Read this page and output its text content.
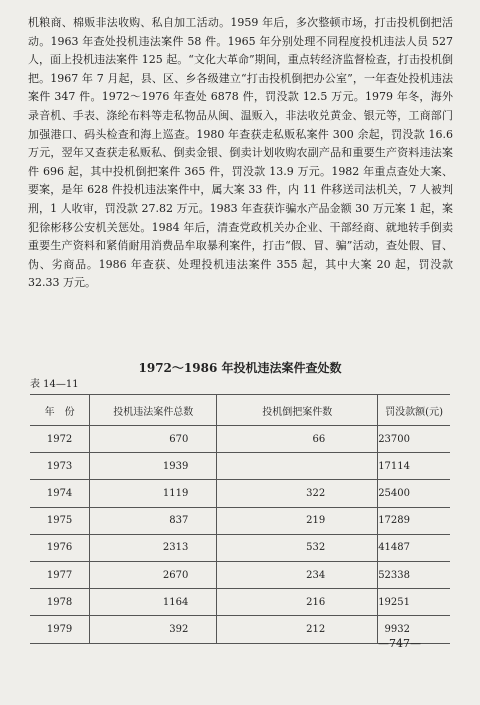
机粮商、棉贩非法收购、私自加工活动。1959 年后，多次整顿市场，打击投机倒把活动。1963 年查处投机违法案件 58 件。1965 年分别处理不同程度投机违法人员 527 人，面上投机违法案件 125 起。“文化大革命”期间，重点转经济监督检查，打击投机倒把。1967 年 7 月起，县、区、乡各级建立“打击投机倒把办公室”，一年查处投机违法案件 347 件。1972～1976 年查处 6878 件，罚没款 12.5 万元。1979 年冬，海外录音机、手表、涤纶布料等走私物品从闽、温贩入，非法收兑黄金、银元等，工商部门加强港口、码头检查和海上巡查。1980 年查获走私贩私案件 300 余起，罚没款 16.6 万元，翌年又查获走私贩私、倒卖金银、倒卖计划收购农副产品和重要生产资料违法案件 696 起，其中投机倒把案件 365 件，罚没款 13.9 万元。1982 年重点查处大案、要案，是年 628 件投机违法案件中，属大案 33 件，内 11 件移送司法机关，7 人被判刑，1 人收审，罚没款 27.82 万元。1983 年查获诈骗水产品金额 30 万元案 1 起，案犯徐彬移公安机关惩处。1984 年后，清查党政机关办企业、干部经商、就地转手倒卖重要生产资料和紧俏耐用消费品牟取暴利案件，打击“假、冒、骗”活动，查处假、冒、伪、劣商品。1986 年查获、处理投机违法案件 355 起，其中大案 20 起，罚没款 32.33 万元。

1972～1986 年投机违法案件查处数
表 14—11
年　份	投机违法案件总数	投机倒把案件数	罚没款额(元)
1972	670	66	23700
1973	1939		17114
1974	1119	322	25400
1975	837	219	17289
1976	2313	532	41487
1977	2670	234	52338
1978	1164	216	19251
1979	392	212	9932
—747—
